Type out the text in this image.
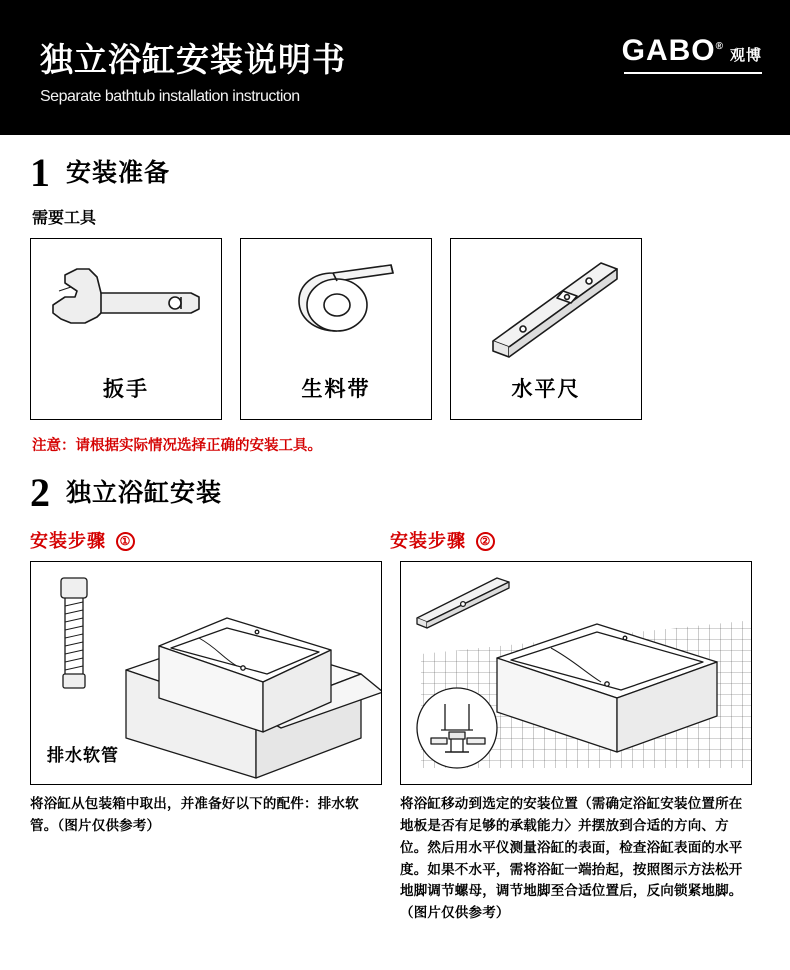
独立浴缸安装说明书
Separate bathtub installation instruction
GABO®观博
1 安装准备
需要工具
扳手	生料带	水平尺
注意：请根据实际情况选择正确的安装工具。
2 独立浴缸安装
安装步骤 ①	安装步骤 ②
排水软管
将浴缸从包装箱中取出，并准备好以下的配件：排水软管。（图片仅供参考）
将浴缸移动到选定的安装位置（需确定浴缸安装位置所在地板是否有足够的承载能力〉并摆放到合适的方向、方位。然后用水平仪测量浴缸的表面，检查浴缸表面的水平度。如果不水平，需将浴缸一端抬起，按照图示方法松开地脚调节螺母，调节地脚至合适位置后，反向锁紧地脚。（图片仅供参考）
